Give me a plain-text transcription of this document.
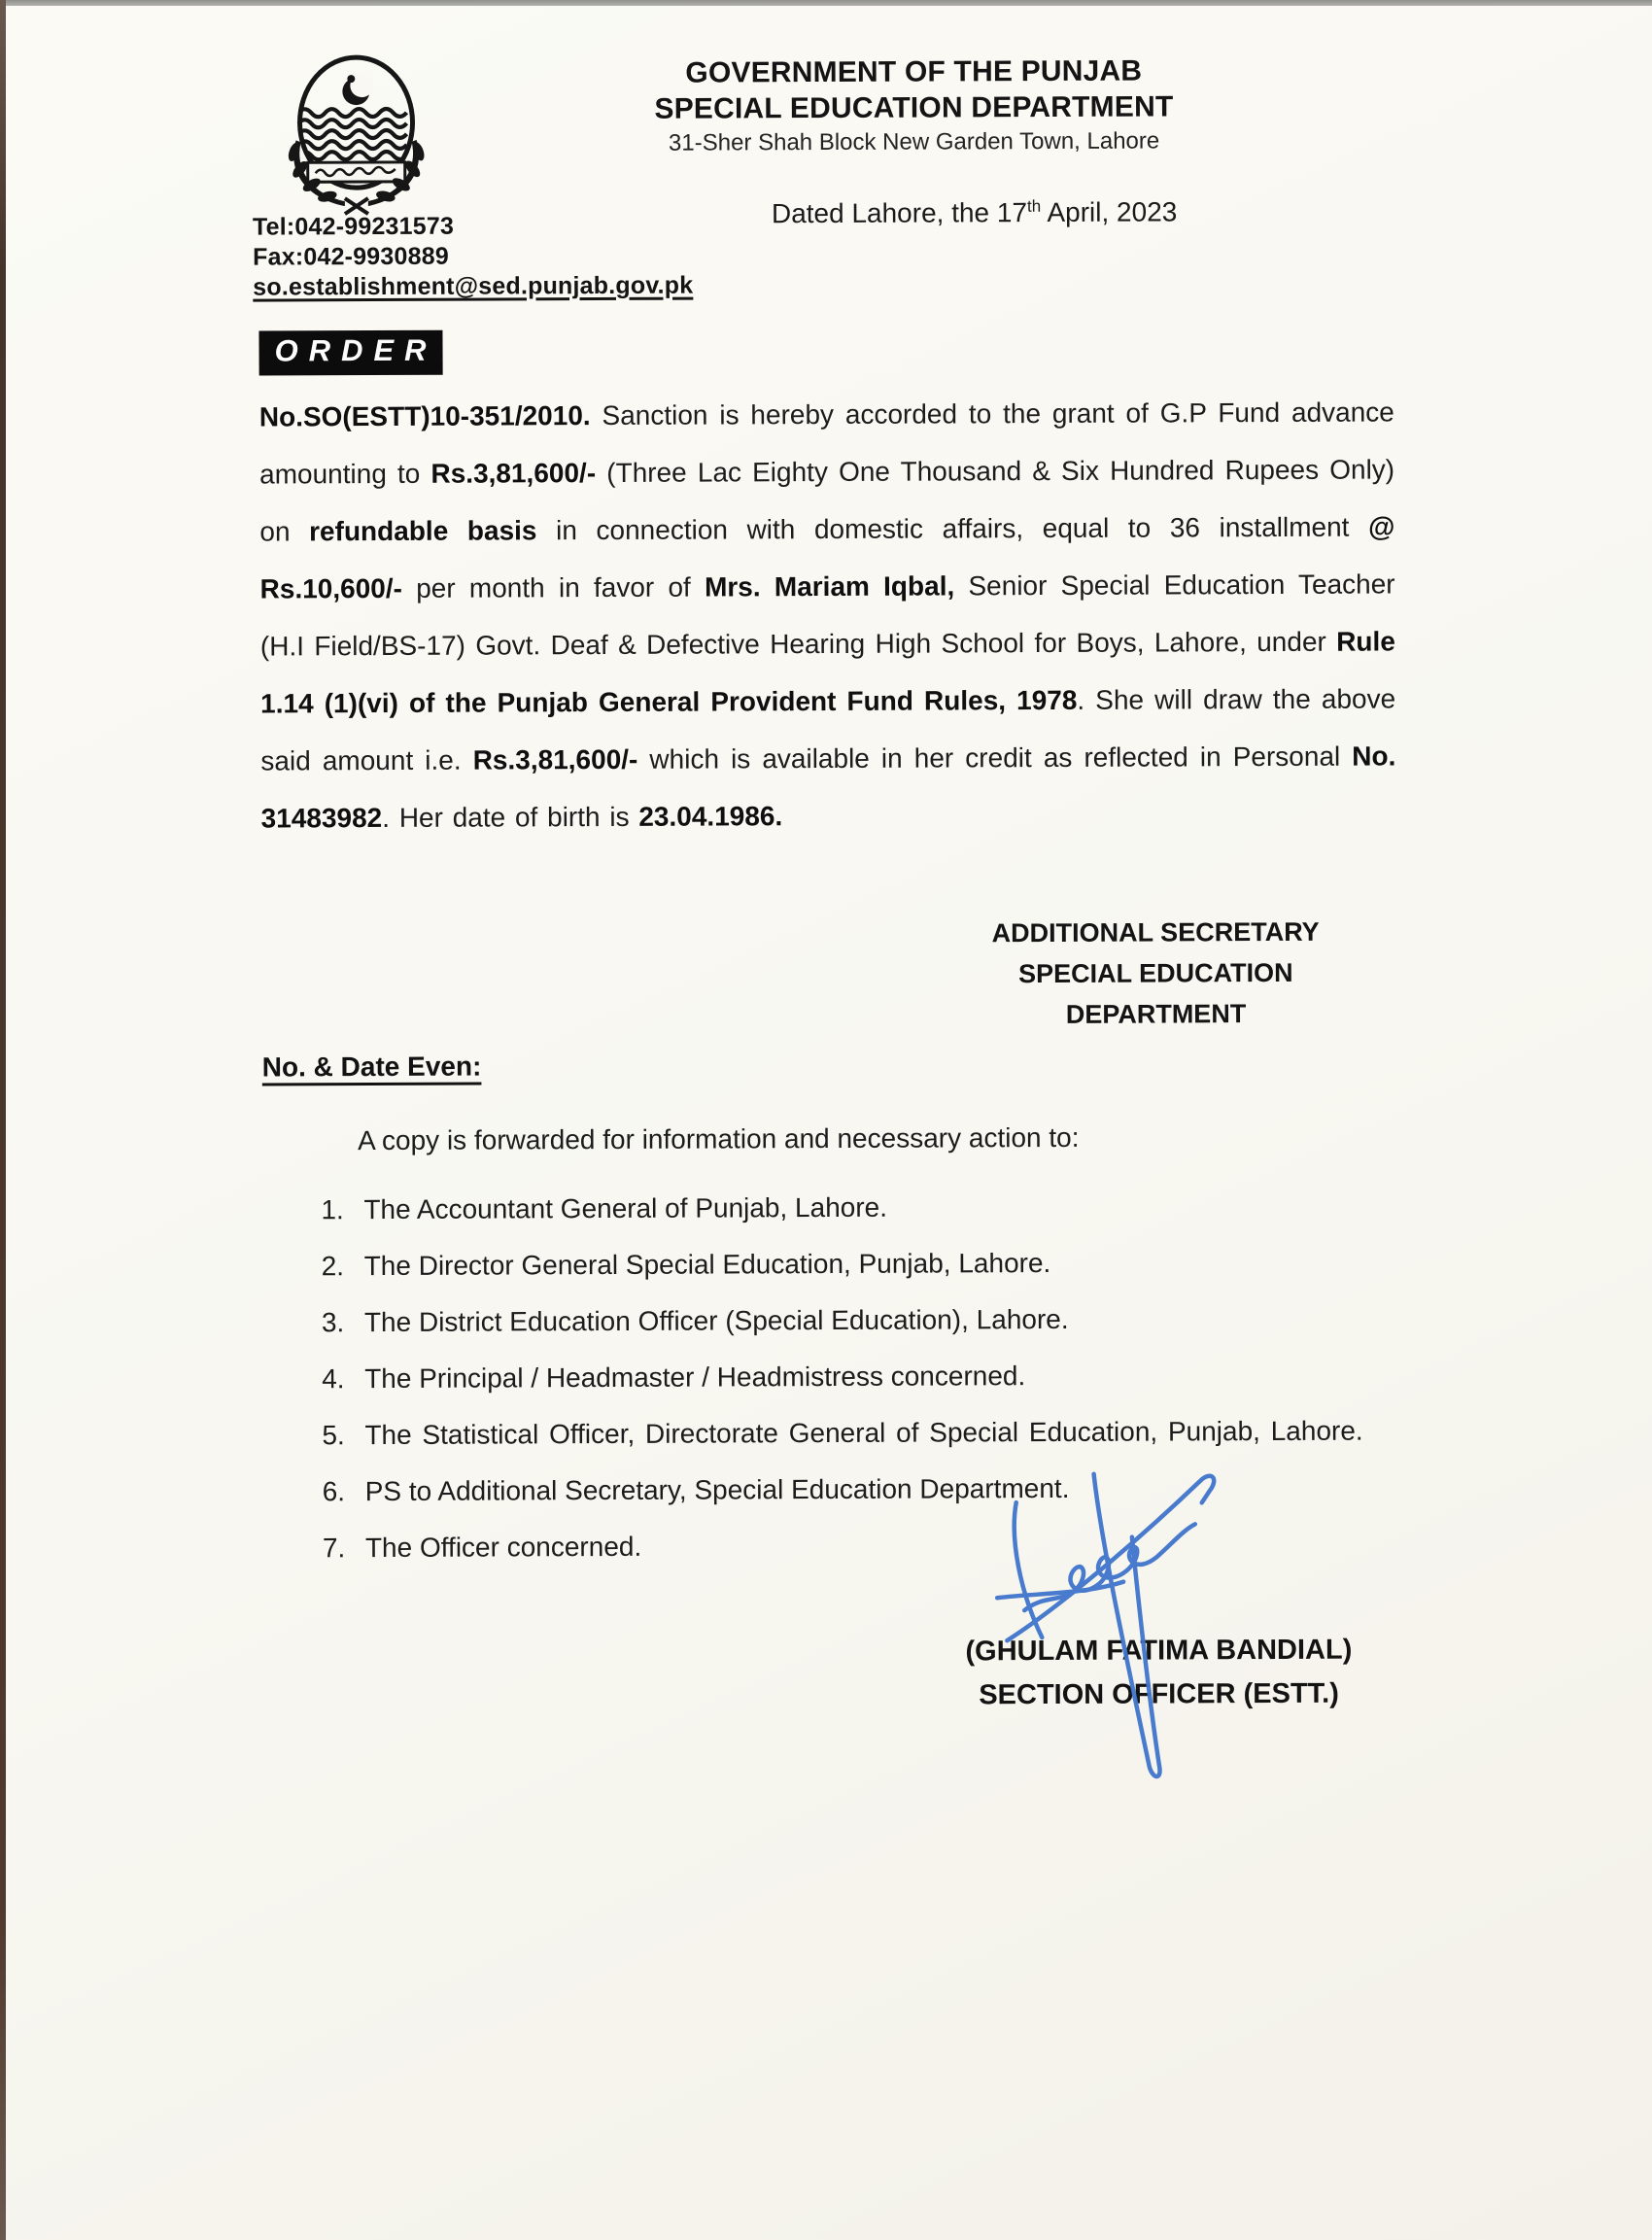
GOVERNMENT OF THE PUNJAB
SPECIAL EDUCATION DEPARTMENT
31-Sher Shah Block New Garden Town, Lahore
Dated Lahore, the 17th April, 2023
Tel:042-99231573
Fax:042-9930889
so.establishment@sed.punjab.gov.pk
ORDER
No.SO(ESTT)10-351/2010. Sanction is hereby accorded to the grant of G.P Fund advance amounting to Rs.3,81,600/- (Three Lac Eighty One Thousand & Six Hundred Rupees Only) on refundable basis in connection with domestic affairs, equal to 36 installment @ Rs.10,600/- per month in favor of Mrs. Mariam Iqbal, Senior Special Education Teacher (H.I Field/BS-17) Govt. Deaf & Defective Hearing High School for Boys, Lahore, under Rule 1.14 (1)(vi) of the Punjab General Provident Fund Rules, 1978. She will draw the above said amount i.e. Rs.3,81,600/- which is available in her credit as reflected in Personal No. 31483982. Her date of birth is 23.04.1986.
ADDITIONAL SECRETARY
SPECIAL EDUCATION
DEPARTMENT
No. & Date Even:
A copy is forwarded for information and necessary action to:
The Accountant General of Punjab, Lahore.
The Director General Special Education, Punjab, Lahore.
The District Education Officer (Special Education), Lahore.
The Principal / Headmaster / Headmistress concerned.
The Statistical Officer, Directorate General of Special Education, Punjab, Lahore.
PS to Additional Secretary, Special Education Department.
The Officer concerned.
(GHULAM FATIMA BANDIAL)
SECTION OFFICER (ESTT.)
